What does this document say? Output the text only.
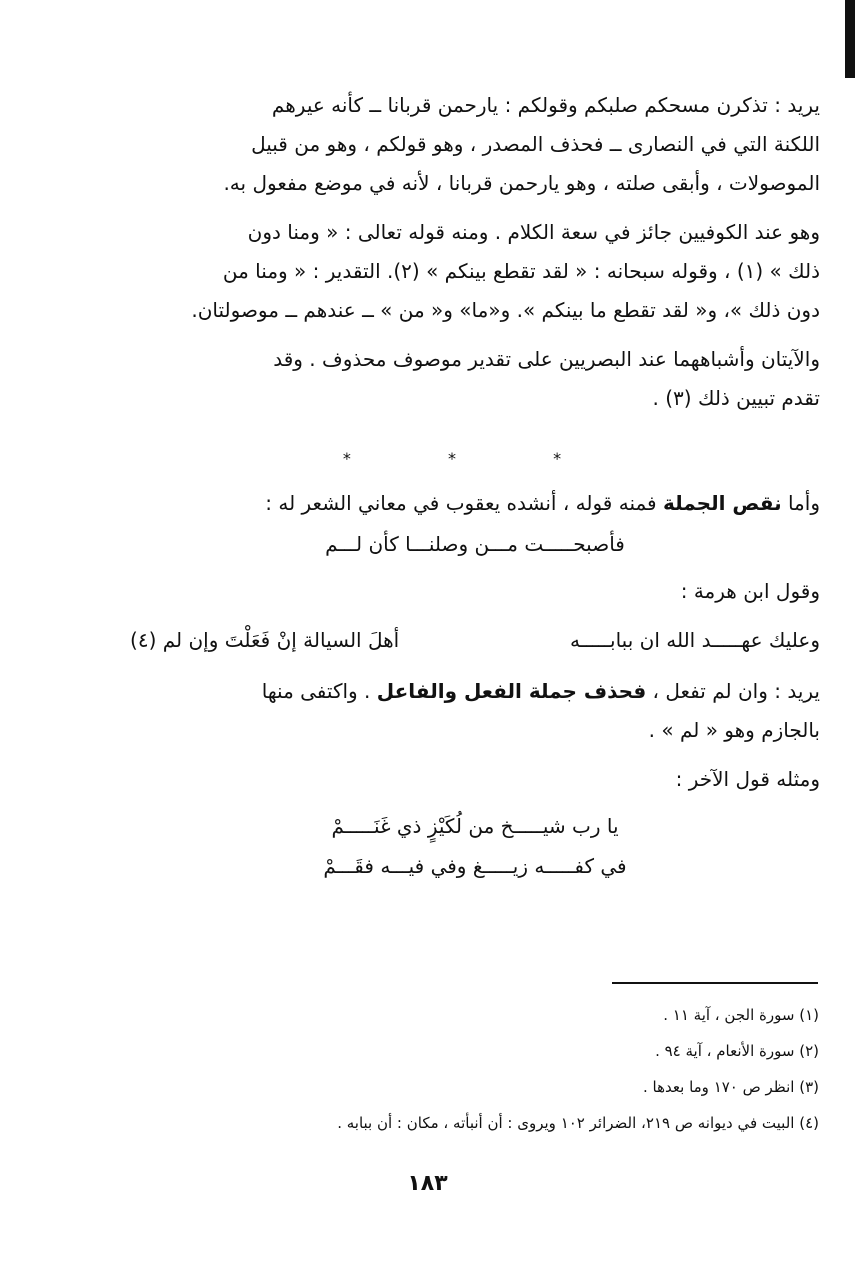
يريد : تذكرن مسحكم صلبكم وقولكم : يارحمن قربانا ــ كأنه عيرهم

اللكنة التي في النصارى ــ فحذف المصدر ، وهو قولكم ، وهو من قبيل

الموصولات ، وأبقى صلته ، وهو يارحمن قربانا ، لأنه في موضع مفعول به.

وهو عند الكوفيين جائز في سعة الكلام . ومنه قوله تعالى : « ومنا دون

ذلك » (١) ، وقوله سبحانه : « لقد تقطع بينكم » (٢). التقدير : « ومنا من

دون ذلك »، و« لقد تقطع ما بينكم ». و«ما» و« من » ــ عندهم ــ موصولتان.

والآيتان وأشباههما عند البصريين على تقدير موصوف محذوف . وقد

تقدم تبيين ذلك (٣) .

* * *

وأما نقص الجملة فمنه قوله ، أنشده يعقوب في معاني الشعر له :

فأصبحـــــت مـــن وصلنـــا كأن لـــم

وقول ابن هرمة :

وعليك عهـــــد الله ان ببابـــــه
أهلَ السيالة إنْ فَعَلْتَ وإن لم (٤)

يريد : وان لم تفعل ، فحذف جملة الفعل والفاعل . واكتفى منها

بالجازم وهو « لم » .

ومثله قول الآخر :

يا رب شيـــــخ من لُكَيْزٍ ذي غَنَـــــمْ
في كفـــــه زيـــــغ وفي فيـــه فقَـــمْ
(١) سورة الجن ، آية ١١ .
(٢) سورة الأنعام ، آية ٩٤ .
(٣) انظر ص ١٧٠ وما بعدها .
(٤) البيت في ديوانه ص ٢١٩، الضرائر ١٠٢ ويروى : أن أنبأته ، مكان : أن ببابه .
١٨٣
